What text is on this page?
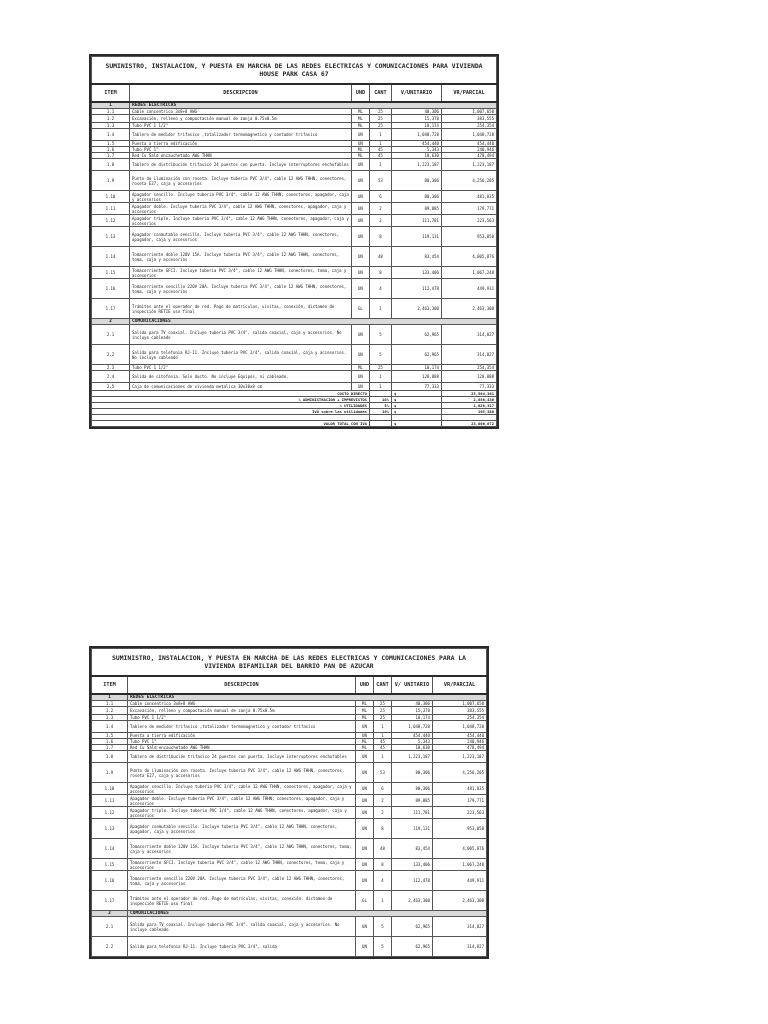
SUMINISTRO, INSTALACION, Y PUESTA EN MARCHA DE LAS REDES ELECTRICAS Y COMUNICACIONES PARA VIVIENDA HOUSE PARK CASA 67					
ITEM	DESCRIPCION	UND	CANT	V/UNITARIO	VR/PARCIAL
1	REDES ELECTRICAS				
1.1	Cable concentrico 3x8+8 AWG	ML	25	40,306	1,007,650
1.2	Excavación, relleno y compactación manual de zanja 0.75x0.5m	ML	25	15,378	383,555
1.3	Tubo PVC 1 1/2"	ML	25	10,174	254,354
1.4	Tablero de medidor trifasico ,totalizador termomagnetico y contador trifasico	UN	1	1,048,728	1,048,728
1.5	Puesta a tierra edificación	UN	1	454,440	454,440
1.6	Tubo PVC 1"	ML	45	5,343	240,946
1.7	Red Cu Sald encauchetado AWG THHN	ML	45	10,630	478,494
1.8	Tablero de distribución trifasico 24 puestos con puerta. Incluye interruptores enchufables	UN	1	1,223,187	1,223,187
1.9	Punto de iluminación con roseta. Incluye tuberia PVC 3/4", cable 12 AWG THHN, conectores, roseta E27, caja y accesorios	UN	53	80,306	4,256,205
1.10	Apagador sencillo. Incluye tuberia PVC 3/4", cable 12 AWG THHN, conectores, apagador, caja y accesorios	UN	6	80,306	481,835
1.11	Apagador doble. Incluye tuberia PVC 3/4", cable 12 AWG THHN, conectores, apagador, caja y accesorios	UN	2	89,885	179,771
1.12	Apagador triple. Incluye tuberia PVC 3/4", cable 12 AWG THHN, conectores, apagador, caja y accesorios	UN	2	111,781	223,563
1.13	Apagador conmutable sencillo. Incluye tuberia PVC 3/4", cable 12 AWG THHN, conectores, apagador, caja y accesorios	UN	8	119,131	953,050
1.14	Tomacorriente doble 120V 15A. Incluye tuberia PVC 3/4", cable 12 AWG THHN, conectores, toma, caja y accesorios	UN	48	83,454	4,005,876
1.15	Tomacorriente GFCI. Incluye tuberia PVC 3/4", cable 12 AWG THHN, conectores, toma, caja y accesorios	UN	8	133,406	1,067,248
1.16	Tomacorriente sencillo 220V 20A. Incluye tuberia PVC 3/4", cable 12 AWG THHN, conectores, toma, caja y accesorios	UN	4	112,478	449,911
1.17	Trámites ante el operador de red. Pago de matrículas, visitas, conexión, dictamen de inspección RETIE uso final	GL	1	2,463,300	2,463,300
2	COMUNICACIONES				
2.1	Salida para TV coaxial. Incluye tuberia PVC 3/4", salida coaxial, caja y accesorios. No incluye cableado	UN	5	62,965	314,827
2.2	Salida para telefonia RJ-11. Incluye tuberia PVC 3/4", salida coaxial, caja y accesorios. No incluye cableado	UN	5	62,965	314,827
2.3	Tubo PVC 1 1/2"	ML	25	10,174	254,354
2.4	Salida de citofonía. Solo ducto. No incluye Equipos, ni cableado.	UN	1	128,888	128,888
2.5	Caja de comunicaciones de vivienda metalica 30x30x8 cm	UN	1	77,333	77,333
COSTO DIRECTO				$	25,564,361
% ADMINISTRACION + IMPREVISTOS			10%	$	2,056,436
% UTILIDADES			5%	$	1,028,317
IVA sobre las utilidades			19%	$	195,380

VALOR TOTAL CON IVA				$	23,866,672
SUMINISTRO, INSTALACION, Y PUESTA EN MARCHA DE LAS REDES ELECTRICAS Y COMUNICACIONES PARA LA VIVIENDA BIFAMILIAR DEL BARRIO PAN DE AZUCAR					
ITEM	DESCRIPCION	UND	CANT	V/ UNITARIO	VR/PARCIAL
1	REDES ELECTRICAS				
1.1	Cable concentrico 3x8+8 AWG	ML	25	40,306	1,007,650
1.2	Excavación, relleno y compactación manual de zanja 0.75x0.5m	ML	25	15,378	383,555
1.3	Tubo PVC 1 1/2"	ML	25	10,174	254,354
1.4	Tablero de medidor trifasico ,totalizador termomagnetico y contador trifasico	UN	1	1,048,728	1,048,728
1.5	Puesta a tierra edificación	UN	1	454,440	454,440
1.6	Tubo PVC 1"	ML	45	5,343	240,946
1.7	Red Cu Sald encauchetado AWG THHN	ML	45	10,630	478,494
1.8	Tablero de distribución trifasico 24 puestos con puerta. Incluye interruptores enchufables	UN	1	1,223,187	1,223,187
1.9	Punto de iluminación con roseta. Incluye tuberia PVC 3/4", cable 12 AWG THHN, conectores, roseta E27, caja y accesorios	UN	53	80,306	4,256,205
1.10	Apagador sencillo. Incluye tuberia PVC 3/4", cable 12 AWG THHN, conectores, apagador, caja y accesorios	UN	6	80,306	481,835
1.11	Apagador doble. Incluye tuberia PVC 3/4", cable 12 AWG THHN, conectores, apagador, caja y accesorios	UN	2	89,885	179,771
1.12	Apagador triple. Incluye tuberia PVC 3/4", cable 12 AWG THHN, conectores, apagador, caja y accesorios	UN	2	111,781	223,563
1.13	Apagador conmutable sencillo. Incluye tuberia PVC 3/4", cable 12 AWG THHN, conectores, apagador, caja y accesorios	UN	8	119,131	953,050
1.14	Tomacorriente doble 120V 15A. Incluye tuberia PVC 3/4", cable 12 AWG THHN, conectores, toma, caja y accesorios	UN	48	83,454	4,005,876
1.15	Tomacorriente GFCI. Incluye tuberia PVC 3/4", cable 12 AWG THHN, conectores, toma, caja y accesorios	UN	8	133,406	1,067,248
1.16	Tomacorriente sencillo 220V 20A. Incluye tuberia PVC 3/4", cable 12 AWG THHN, conectores, toma, caja y accesorios	UN	4	112,478	449,911
1.17	Trámites ante el operador de red. Pago de matrículas, visitas, conexión, dictamen de inspección RETIE uso final	GL	1	2,463,300	2,463,300
2	COMUNICACIONES				
2.1	Salida para TV coaxial. Incluye tuberia PVC 3/4", salida coaxial, caja y accesorios. No incluye cableado	UN	5	62,965	314,827
2.2	Salida para telefonia RJ-11. Incluye tuberia PVC 3/4", salida	UN	5	62,965	314,827
